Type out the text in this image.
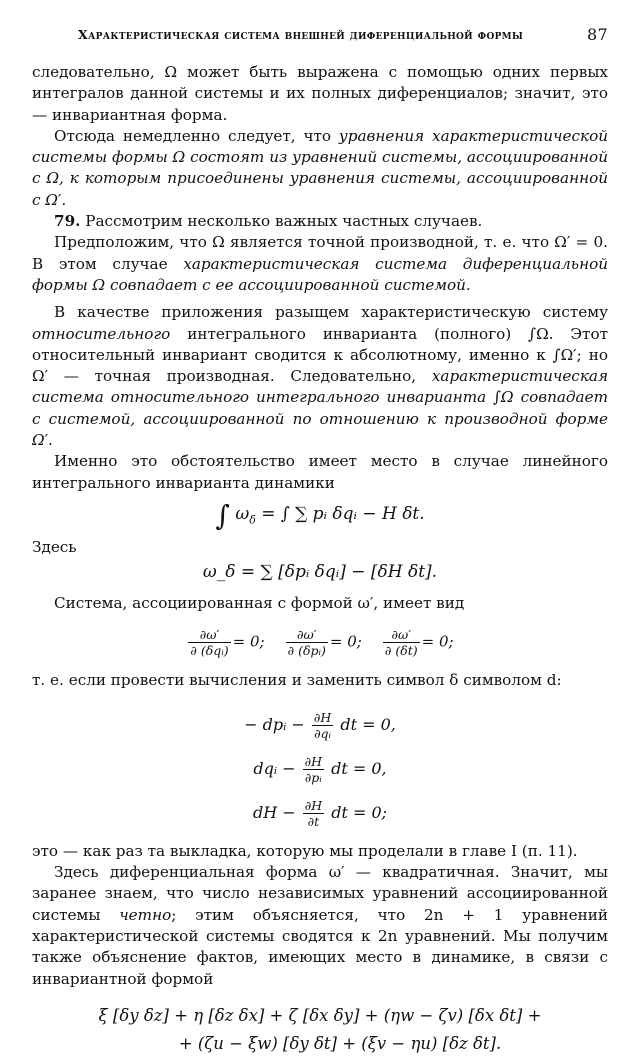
Характеристическая система внешней диференциальной формы	87

следовательно, Ω может быть выражена с помощью одних первых интегралов данной системы и их полных диференциалов; значит, это — инвариантная форма.

Отсюда немедленно следует, что уравнения характеристической системы формы Ω состоят из уравнений системы, ассоциированной с Ω, к которым присоединены уравнения системы, ассоциированной с Ω′.

79. Рассмотрим несколько важных частных случаев.

Предположим, что Ω является точной производной, т. е. что Ω′ = 0. В этом случае характеристическая система диференциальной формы Ω совпадает с ее ассоциированной системой.

В качестве приложения разыщем характеристическую систему относительного интегрального инварианта (полного) ∫Ω. Этот относительный инвариант сводится к абсолютному, именно к ∫Ω′; но Ω′ — точная производная. Следовательно, характеристическая система относительного интегрального инварианта ∫Ω совпадает с системой, ассоциированной по отношению к производной форме Ω′.

Именно это обстоятельство имеет место в случае линейного интегрального инварианта динамики

∫ $\omega_\delta$ = ∫ ∑ pᵢ δqᵢ − H δt.

Здесь

ω_δ = ∑ [δpᵢ δqᵢ] − [δH δt].

Система, ассоциированная с формой ω′, имеет вид

$\frac{\partial\omega'}{\text{∂ (δqᵢ)}} = 0$; $\frac{\partial\omega'}{\text{∂ (δpᵢ)}} = 0$; $\frac{\partial\omega'}{\partial (\delta t)} = 0$;

т. е. если провести вычисления и заменить символ δ символом d:

− dpᵢ − $\frac{\partial H}{\text{∂qᵢ}}$ dt = 0,
dqᵢ − $\frac{\partial H}{\text{∂pᵢ}}$ dt = 0,
dH − $\frac{\partial H}{\partial t}$ dt = 0;

это — как раз та выкладка, которую мы проделали в главе I (п. 11).

Здесь диференциальная форма ω′ — квадратичная. Значит, мы заранее знаем, что число независимых уравнений ассоциированной системы четно; этим объясняется, что 2n + 1 уравнений характеристической системы сводятся к 2n уравнений. Мы получим также объяснение фактов, имеющих место в динамике, в связи с инвариантной формой

ξ [δy δz] + η [δz δx] + ζ [δx δy] + (ηw − ζv) [δx δt] +
+ (ζu − ξw) [δy δt] + (ξv − ηu) [δz δt].
